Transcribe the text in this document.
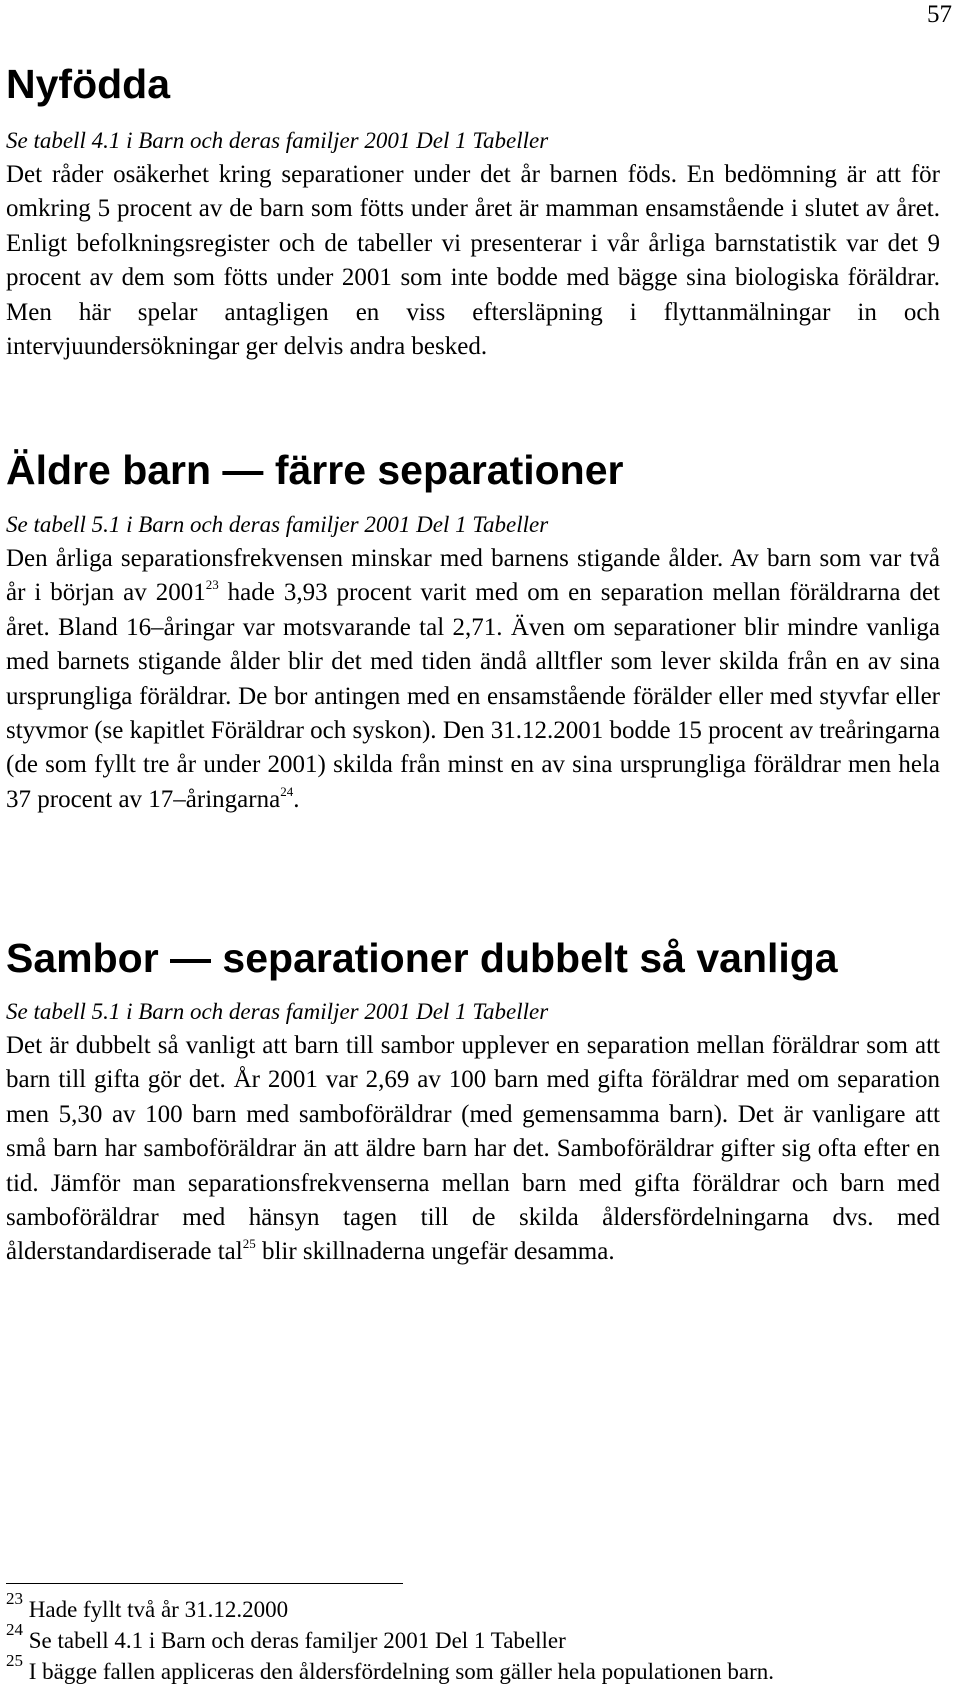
57
Nyfödda

Se tabell 4.1 i Barn och deras familjer 2001 Del 1 Tabeller

Det råder osäkerhet kring separationer under det år barnen föds. En bedömning är att för omkring 5 procent av de barn som fötts under året är mamman ensamstående i slutet av året. Enligt befolkningsregister och de tabeller vi presenterar i vår årliga barnstatistik var det 9 procent av dem som fötts under 2001 som inte bodde med bägge sina biologiska föräldrar. Men här spelar antagligen en viss eftersläpning i flyttanmälningar in och intervjuundersökningar ger delvis andra besked.

Äldre barn — färre separationer

Se tabell 5.1 i Barn och deras familjer 2001 Del 1 Tabeller

Den årliga separationsfrekvensen minskar med barnens stigande ålder. Av barn som var två år i början av 2001$^{23}$ hade 3,93 procent varit med om en separation mellan föräldrarna det året. Bland 16–åringar var motsvarande tal 2,71. Även om separationer blir mindre vanliga med barnets stigande ålder blir det med tiden ändå alltfler som lever skilda från en av sina ursprungliga föräldrar. De bor antingen med en ensamstående förälder eller med styvfar eller styvmor (se kapitlet Föräldrar och syskon). Den 31.12.2001 bodde 15 procent av treåringarna (de som fyllt tre år under 2001) skilda från minst en av sina ursprungliga föräldrar men hela 37 procent av 17–åringarna$^{24}$.

Sambor — separationer dubbelt så vanliga

Se tabell 5.1 i Barn och deras familjer 2001 Del 1 Tabeller

Det är dubbelt så vanligt att barn till sambor upplever en separation mellan föräldrar som att barn till gifta gör det. År 2001 var 2,69 av 100 barn med gifta föräldrar med om separation men 5,30 av 100 barn med samboföräldrar (med gemensamma barn). Det är vanligare att små barn har samboföräldrar än att äldre barn har det. Samboföräldrar gifter sig ofta efter en tid. Jämför man separationsfrekvenserna mellan barn med gifta föräldrar och barn med samboföräldrar med hänsyn tagen till de skilda åldersfördelningarna dvs. med ålderstandardiserade tal$^{25}$ blir skillnaderna ungefär desamma.

$^{23}$ Hade fyllt två år 31.12.2000

$^{24}$ Se tabell 4.1 i Barn och deras familjer 2001 Del 1 Tabeller

$^{25}$ I bägge fallen appliceras den åldersfördelning som gäller hela populationen barn.
